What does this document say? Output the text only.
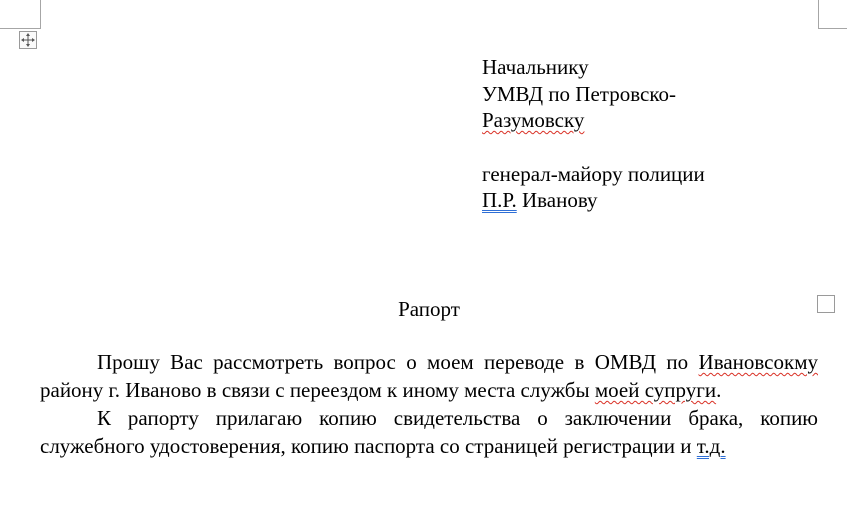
Начальнику
УМВД по Петровско-
Разумовску
генерал-майору полиции
П.Р. Иванову
Рапорт

Прошу Вас рассмотреть вопрос о моем переводе в ОМВД по Ивановсокму району г. Иваново в связи с переездом к иному места службы моей супруги.

К рапорту прилагаю копию свидетельства о заключении брака, копию служебного удостоверения, копию паспорта со страницей регистрации и т.д.
